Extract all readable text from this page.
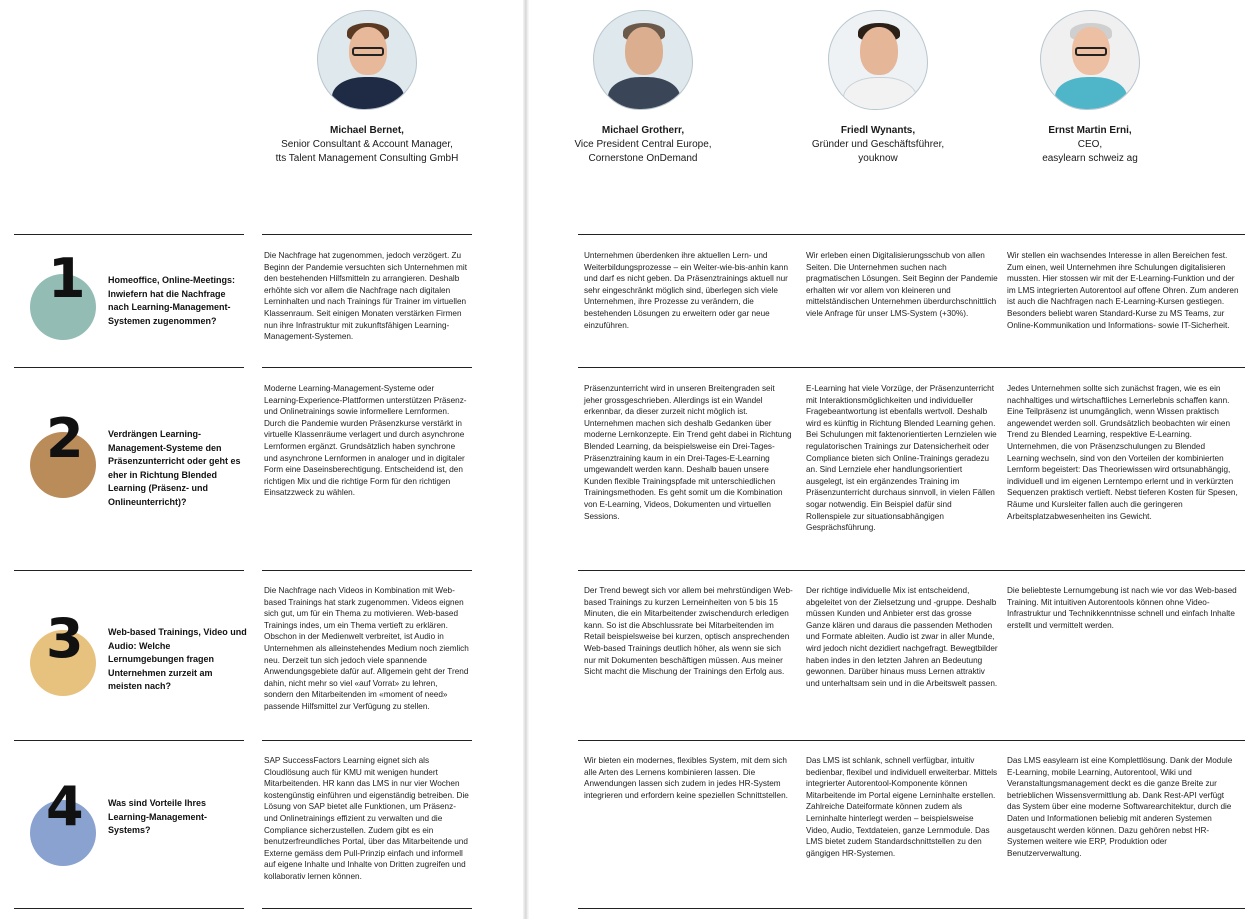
Michael Bernet,
Senior Consultant & Account Manager,
tts Talent Management Consulting GmbH
Michael Grotherr,
Vice President Central Europe,
Cornerstone OnDemand
Friedl Wynants,
Gründer und Geschäftsführer,
youknow
Ernst Martin Erni,
CEO,
easylearn schweiz ag
1 Homeoffice, Online-Meetings: Inwiefern hat die Nachfrage nach Learning-Management-Systemen zugenommen?
Die Nachfrage hat zugenommen, jedoch verzögert. Zu Beginn der Pandemie versuchten sich Unternehmen mit den bestehenden Hilfsmitteln zu arrangieren. Deshalb erhöhte sich vor allem die Nachfrage nach digitalen Lerninhalten und nach Trainings für Trainer im virtuellen Klassenraum. Seit einigen Monaten verstärken Firmen nun ihre Infrastruktur mit zukunftsfähigen Learning-Management-Systemen.
Unternehmen überdenken ihre aktuellen Lern- und Weiterbildungsprozesse – ein Weiter-wie-bis-anhin kann und darf es nicht geben. Da Präsenztrainings aktuell nur sehr eingeschränkt möglich sind, überlegen sich viele Unternehmen, ihre Prozesse zu verändern, die bestehenden Lösungen zu erweitern oder gar neue einzuführen.
Wir erleben einen Digitalisierungsschub von allen Seiten. Die Unternehmen suchen nach pragmatischen Lösungen. Seit Beginn der Pandemie erhalten wir vor allem von kleineren und mittelständischen Unternehmen überdurchschnittlich viele Anfrage für unser LMS-System (+30%).
Wir stellen ein wachsendes Interesse in allen Bereichen fest. Zum einen, weil Unternehmen ihre Schulungen digitalisieren mussten. Hier stossen wir mit der E-Learning-Funktion und der im LMS integrierten Autorentool auf offene Ohren. Zum anderen ist auch die Nachfragen nach E-Learning-Kursen gestiegen. Besonders beliebt waren Standard-Kurse zu MS Teams, zur Online-Kommunikation und Informations- sowie IT-Sicherheit.
2	Verdrängen Learning-Management-Systeme den Präsenzunterricht oder geht es eher in Richtung Blended Learning (Präsenz- und Onlineunterricht)?
Moderne Learning-Management-Systeme oder Learning-Experience-Plattformen unterstützen Präsenz- und Onlinetrainings sowie informellere Lernformen. Durch die Pandemie wurden Präsenzkurse verstärkt in virtuelle Klassenräume verlagert und durch asynchrone Lernformen ergänzt. Grundsätzlich haben synchrone und asynchrone Lernformen in analoger und in digitaler Form eine Daseinsberechtigung. Entscheidend ist, den richtigen Mix und die richtige Form für den richtigen Einsatzzweck zu wählen.
Präsenzunterricht wird in unseren Breitengraden seit jeher grossgeschrieben. Allerdings ist ein Wandel erkennbar, da dieser zurzeit nicht möglich ist. Unternehmen machen sich deshalb Gedanken über moderne Lernkonzepte. Ein Trend geht dabei in Richtung Blended Learning, da beispielsweise ein Drei-Tages-Präsenztraining kaum in ein Drei-Tages-E-Learning umgewandelt werden kann. Deshalb bauen unsere Kunden flexible Trainingspfade mit unterschiedlichen Trainingsmethoden. Es geht somit um die Kombination von E-Learning, Videos, Dokumenten und virtuellen Sessions.
E-Learning hat viele Vorzüge, der Präsenzunterricht mit Interaktionsmöglichkeiten und individueller Fragebeantwortung ist ebenfalls wertvoll. Deshalb wird es künftig in Richtung Blended Learning gehen. Bei Schulungen mit faktenorientierten Lernzielen wie regulatorischen Trainings zur Datensicherheit oder Compliance bieten sich Online-Trainings geradezu an. Sind Lernziele eher handlungsorientiert ausgelegt, ist ein ergänzendes Training im Präsenzunterricht durchaus sinnvoll, in vielen Fällen sogar notwendig. Ein Beispiel dafür sind Rollenspiele zur situationsabhängigen Gesprächsführung.
Jedes Unternehmen sollte sich zunächst fragen, wie es ein nachhaltiges und wirtschaftliches Lernerlebnis schaffen kann. Eine Teilpräsenz ist unumgänglich, wenn Wissen praktisch angewendet werden soll. Grundsätzlich beobachten wir einen Trend zu Blended Learning, respektive E-Learning. Unternehmen, die von Präsenzschulungen zu Blended Learning wechseln, sind von den Vorteilen der kombinierten Lernform begeistert: Das Theoriewissen wird ortsunabhängig, individuell und im eigenen Lerntempo erlernt und in verkürzten Sequenzen praktisch vertieft. Nebst tieferen Kosten für Spesen, Räume und Kursleiter fallen auch die geringeren Arbeitsplatzabwesenheiten ins Gewicht.
3	Web-based Trainings, Video und Audio: Welche Lernumgebungen fragen Unternehmen zurzeit am meisten nach?
Die Nachfrage nach Videos in Kombination mit Web-based Trainings hat stark zugenommen. Videos eignen sich gut, um für ein Thema zu motivieren. Web-based Trainings indes, um ein Thema vertieft zu erklären. Obschon in der Medienwelt verbreitet, ist Audio in Unternehmen als alleinstehendes Medium noch ziemlich neu. Derzeit tun sich jedoch viele spannende Anwendungsgebiete dafür auf. Allgemein geht der Trend dahin, nicht mehr so viel «auf Vorrat» zu lehren, sondern den Mitarbeitenden im «moment of need» passende Hilfsmittel zur Verfügung zu stellen.
Der Trend bewegt sich vor allem bei mehrstündigen Web-based Trainings zu kurzen Lerneinheiten von 5 bis 15 Minuten, die ein Mitarbeitender zwischendurch erledigen kann. So ist die Abschlussrate bei Mitarbeitenden im Retail beispielsweise bei kurzen, optisch ansprechenden Web-based Trainings deutlich höher, als wenn sie sich nur mit Dokumenten beschäftigen müssen. Aus meiner Sicht macht die Mischung der Trainings den Erfolg aus.
Der richtige individuelle Mix ist entscheidend, abgeleitet von der Zielsetzung und -gruppe. Deshalb müssen Kunden und Anbieter erst das grosse Ganze klären und daraus die passenden Methoden und Formate ableiten. Audio ist zwar in aller Munde, wird jedoch nicht dezidiert nachgefragt. Bewegtbilder haben indes in den letzten Jahren an Bedeutung gewonnen. Darüber hinaus muss Lernen attraktiv und unterhaltsam sein und in die Arbeitswelt passen.
Die beliebteste Lernumgebung ist nach wie vor das Web-based Training. Mit intuitiven Autorentools können ohne Video-Infrastruktur und Technikkenntnisse schnell und einfach Inhalte erstellt und vermittelt werden.
4	Was sind Vorteile Ihres Learning-Management-Systems?
SAP SuccessFactors Learning eignet sich als Cloudlösung auch für KMU mit wenigen hundert Mitarbeitenden. HR kann das LMS in nur vier Wochen kostengünstig einführen und eigenständig betreiben. Die Lösung von SAP bietet alle Funktionen, um Präsenz- und Onlinetrainings effizient zu verwalten und die Compliance sicherzustellen. Zudem gibt es ein benutzerfreundliches Portal, über das Mitarbeitende und Externe gemäss dem Pull-Prinzip einfach und informell auf eigene Inhalte und Inhalte von Dritten zugreifen und kollaborativ lernen können.
Wir bieten ein modernes, flexibles System, mit dem sich alle Arten des Lernens kombinieren lassen. Die Anwendungen lassen sich zudem in jedes HR-System integrieren und erfordern keine speziellen Schnittstellen.
Das LMS ist schlank, schnell verfügbar, intuitiv bedienbar, flexibel und individuell erweiterbar. Mittels integrierter Autorentool-Komponente können Mitarbeitende im Portal eigene Lerninhalte erstellen. Zahlreiche Dateiformate können zudem als Lerninhalte hinterlegt werden – beispielsweise Video, Audio, Textdateien, ganze Lernmodule. Das LMS bietet zudem Standardschnittstellen zu den gängigen HR-Systemen.
Das LMS easylearn ist eine Komplettlösung. Dank der Module E-Learning, mobile Learning, Autorentool, Wiki und Veranstaltungsmanagement deckt es die ganze Breite zur betrieblichen Wissensvermittlung ab. Dank Rest-API verfügt das System über eine moderne Softwarearchitektur, durch die Daten und Informationen beliebig mit anderen Systemen ausgetauscht werden können. Dazu gehören nebst HR-Systemen weitere wie ERP, Produktion oder Benutzerverwaltung.
